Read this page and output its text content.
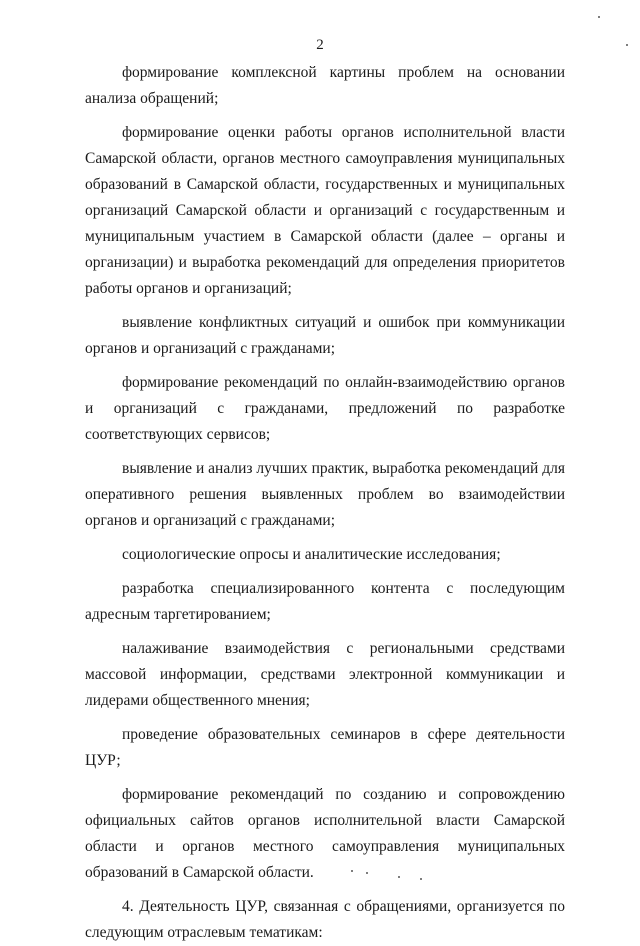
2

формирование комплексной картины проблем на основании анализа обращений;

формирование оценки работы органов исполнительной власти Самарской области, органов местного самоуправления муниципальных образований в Самарской области, государственных и муниципальных организаций Самарской области и организаций с государственным и муниципальным участием в Самарской области (далее – органы и организации) и выработка рекомендаций для определения приоритетов работы органов и организаций;

выявление конфликтных ситуаций и ошибок при коммуникации органов и организаций с гражданами;

формирование рекомендаций по онлайн-взаимодействию органов и организаций с гражданами, предложений по разработке соответствующих сервисов;

выявление и анализ лучших практик, выработка рекомендаций для оперативного решения выявленных проблем во взаимодействии органов и организаций с гражданами;

социологические опросы и аналитические исследования;

разработка специализированного контента с последующим адресным таргетированием;

налаживание взаимодействия с региональными средствами массовой информации, средствами электронной коммуникации и лидерами общественного мнения;

проведение образовательных семинаров в сфере деятельности ЦУР;

формирование рекомендаций по созданию и сопровождению официальных сайтов органов исполнительной власти Самарской области и органов местного самоуправления муниципальных образований в Самарской области.

4. Деятельность ЦУР, связанная с обращениями, организуется по следующим отраслевым тематикам:
